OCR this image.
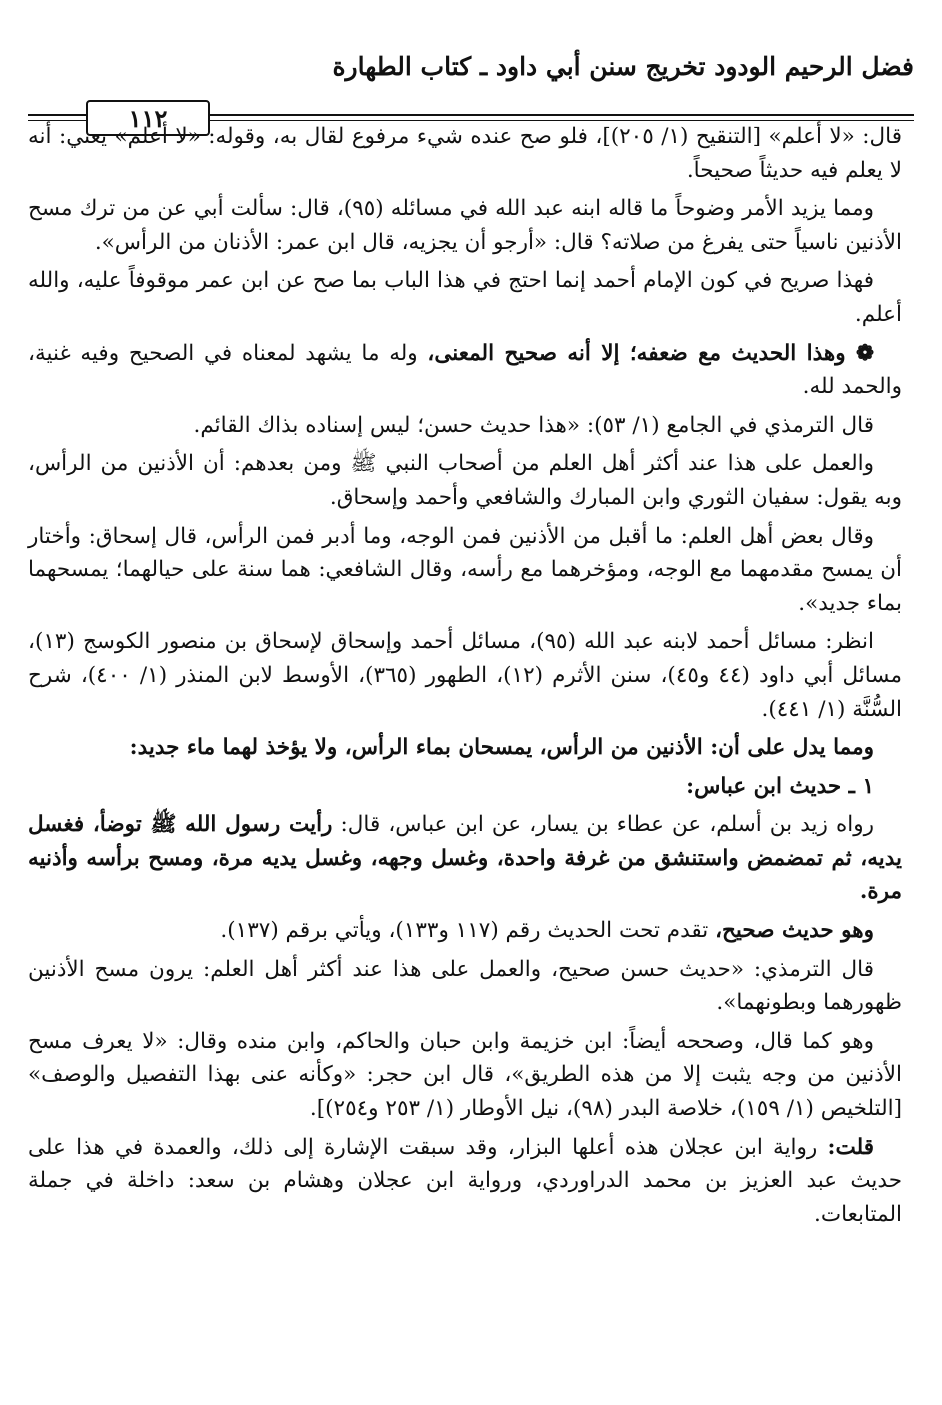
فضل الرحيم الودود تخريج سنن أبي داود ـ كتاب الطهارة
١١٢

قال: «لا أعلم» [التنقيح (١/ ٢٠٥)]، فلو صح عنده شيء مرفوع لقال به، وقوله: «لا أعلم» يعني: أنه لا يعلم فيه حديثاً صحيحاً.

ومما يزيد الأمر وضوحاً ما قاله ابنه عبد الله في مسائله (٩٥)، قال: سألت أبي عن من ترك مسح الأذنين ناسياً حتى يفرغ من صلاته؟ قال: «أرجو أن يجزيه، قال ابن عمر: الأذنان من الرأس».

فهذا صريح في كون الإمام أحمد إنما احتج في هذا الباب بما صح عن ابن عمر موقوفاً عليه، والله أعلم.

❁ وهذا الحديث مع ضعفه؛ إلا أنه صحيح المعنى، وله ما يشهد لمعناه في الصحيح وفيه غنية، والحمد لله.

قال الترمذي في الجامع (١/ ٥٣): «هذا حديث حسن؛ ليس إسناده بذاك القائم.

والعمل على هذا عند أكثر أهل العلم من أصحاب النبي ﷺ ومن بعدهم: أن الأذنين من الرأس، وبه يقول: سفيان الثوري وابن المبارك والشافعي وأحمد وإسحاق.

وقال بعض أهل العلم: ما أقبل من الأذنين فمن الوجه، وما أدبر فمن الرأس، قال إسحاق: وأختار أن يمسح مقدمهما مع الوجه، ومؤخرهما مع رأسه، وقال الشافعي: هما سنة على حيالهما؛ يمسحهما بماء جديد».

انظر: مسائل أحمد لابنه عبد الله (٩٥)، مسائل أحمد وإسحاق لإسحاق بن منصور الكوسج (١٣)، مسائل أبي داود (٤٤ و٤٥)، سنن الأثرم (١٢)، الطهور (٣٦٥)، الأوسط لابن المنذر (١/ ٤٠٠)، شرح السُّنَّة (١/ ٤٤١).

ومما يدل على أن: الأذنين من الرأس، يمسحان بماء الرأس، ولا يؤخذ لهما ماء جديد:

١ ـ حديث ابن عباس:

رواه زيد بن أسلم، عن عطاء بن يسار، عن ابن عباس، قال: رأيت رسول الله ﷺ توضأ، فغسل يديه، ثم تمضمض واستنشق من غرفة واحدة، وغسل وجهه، وغسل يديه مرة، ومسح برأسه وأذنيه مرة.

وهو حديث صحيح، تقدم تحت الحديث رقم (١١٧ و١٣٣)، ويأتي برقم (١٣٧).

قال الترمذي: «حديث حسن صحيح، والعمل على هذا عند أكثر أهل العلم: يرون مسح الأذنين ظهورهما وبطونهما».

وهو كما قال، وصححه أيضاً: ابن خزيمة وابن حبان والحاكم، وابن منده وقال: «لا يعرف مسح الأذنين من وجه يثبت إلا من هذه الطريق»، قال ابن حجر: «وكأنه عنى بهذا التفصيل والوصف» [التلخيص (١/ ١٥٩)، خلاصة البدر (٩٨)، نيل الأوطار (١/ ٢٥٣ و٢٥٤)].

قلت: رواية ابن عجلان هذه أعلها البزار، وقد سبقت الإشارة إلى ذلك، والعمدة في هذا على حديث عبد العزيز بن محمد الدراوردي، ورواية ابن عجلان وهشام بن سعد: داخلة في جملة المتابعات.
